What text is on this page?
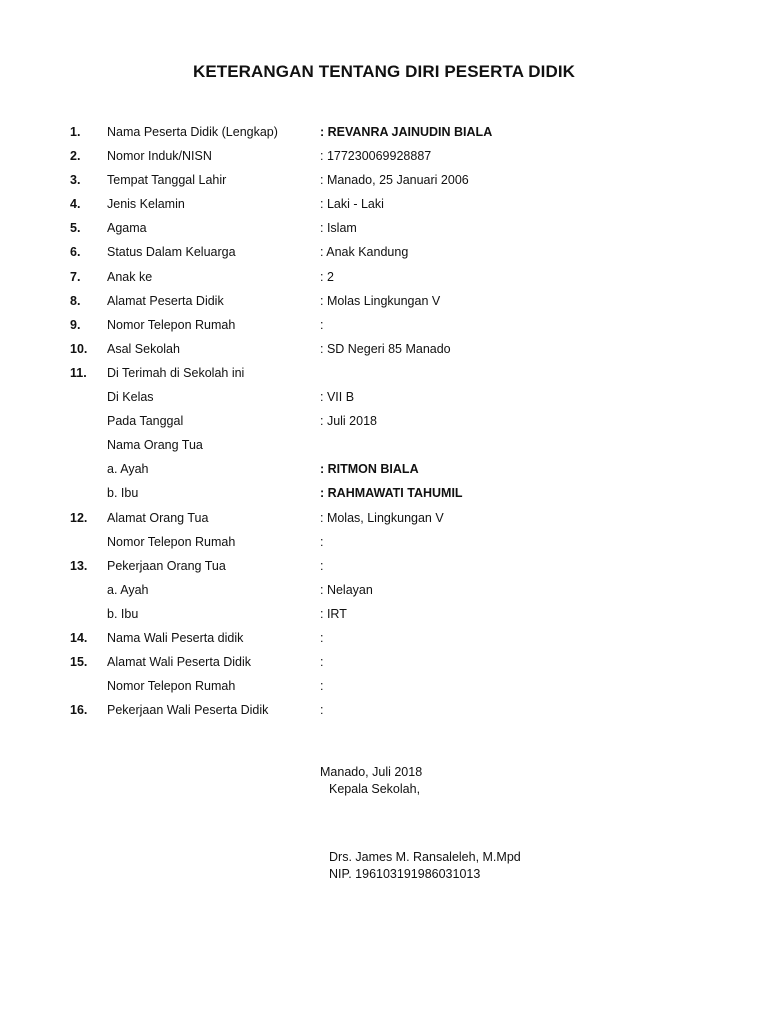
KETERANGAN TENTANG DIRI PESERTA DIDIK
1. Nama Peserta Didik (Lengkap)	: REVANRA JAINUDIN BIALA
2. Nomor Induk/NISN	: 177230069928887
3. Tempat Tanggal Lahir	: Manado, 25 Januari 2006
4. Jenis Kelamin	: Laki - Laki
5. Agama	: Islam
6. Status Dalam Keluarga	: Anak Kandung
7. Anak ke	: 2
8. Alamat Peserta Didik	: Molas Lingkungan V
9. Nomor Telepon Rumah	:
10. Asal Sekolah	: SD Negeri 85 Manado
11. Di Terimah di Sekolah ini
Di Kelas	: VII B
Pada Tanggal	: Juli 2018
Nama Orang Tua
a. Ayah	: RITMON BIALA
b. Ibu	: RAHMAWATI TAHUMIL
12. Alamat Orang Tua	: Molas, Lingkungan V
Nomor Telepon Rumah	:
13. Pekerjaan Orang Tua	:
a. Ayah	: Nelayan
b. Ibu	: IRT
14. Nama Wali Peserta didik	:
15. Alamat Wali Peserta Didik	:
Nomor Telepon Rumah	:
16. Pekerjaan Wali Peserta Didik	:
Manado, Juli 2018
Kepala Sekolah,
Drs. James M. Ransaleleh, M.Mpd
NIP. 196103191986031013
